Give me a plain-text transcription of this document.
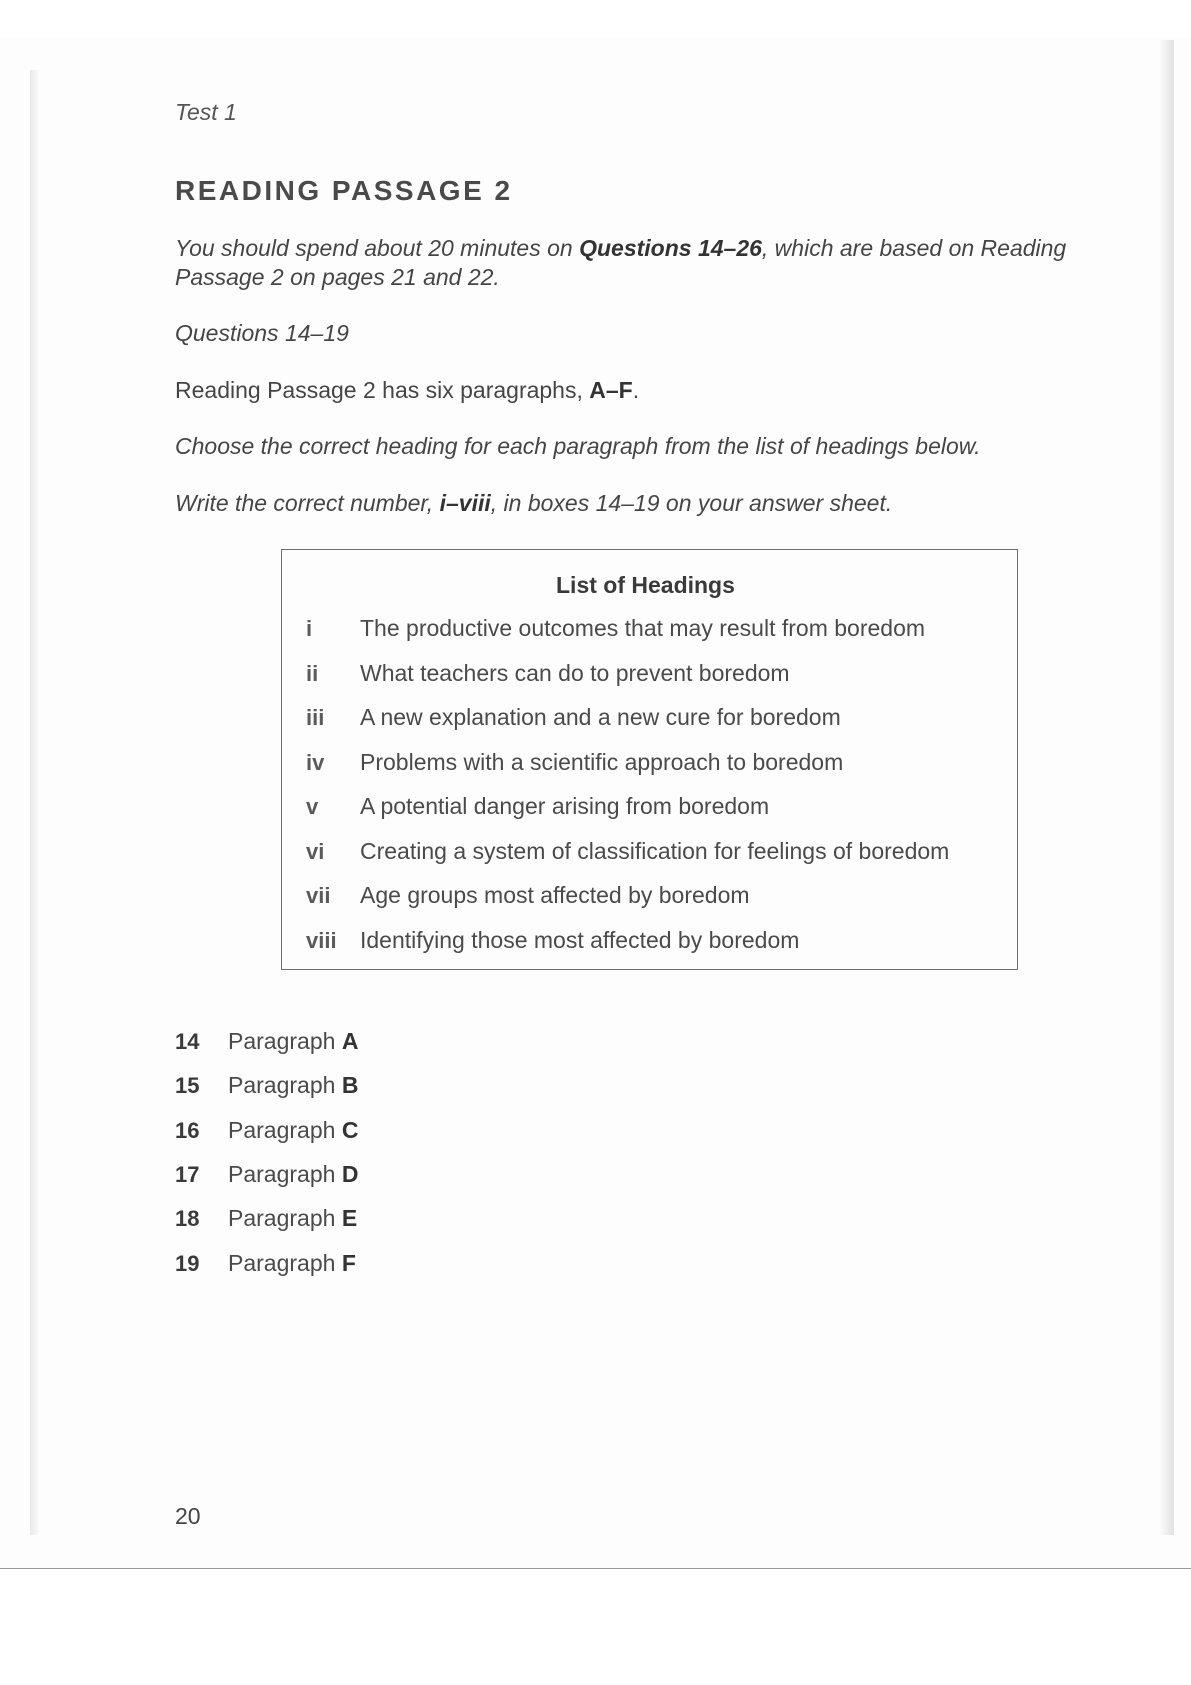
Test 1
READING PASSAGE 2
You should spend about 20 minutes on Questions 14–26, which are based on Reading
Passage 2 on pages 21 and 22.
Questions 14–19
Reading Passage 2 has six paragraphs, A–F.
Choose the correct heading for each paragraph from the list of headings below.
Write the correct number, i–viii, in boxes 14–19 on your answer sheet.
List of Headings
i The productive outcomes that may result from boredom
ii What teachers can do to prevent boredom
iii A new explanation and a new cure for boredom
iv Problems with a scientific approach to boredom
v A potential danger arising from boredom
vi Creating a system of classification for feelings of boredom
vii Age groups most affected by boredom
viii Identifying those most affected by boredom
14 Paragraph A
15 Paragraph B
16 Paragraph C
17 Paragraph D
18 Paragraph E
19 Paragraph F
20
